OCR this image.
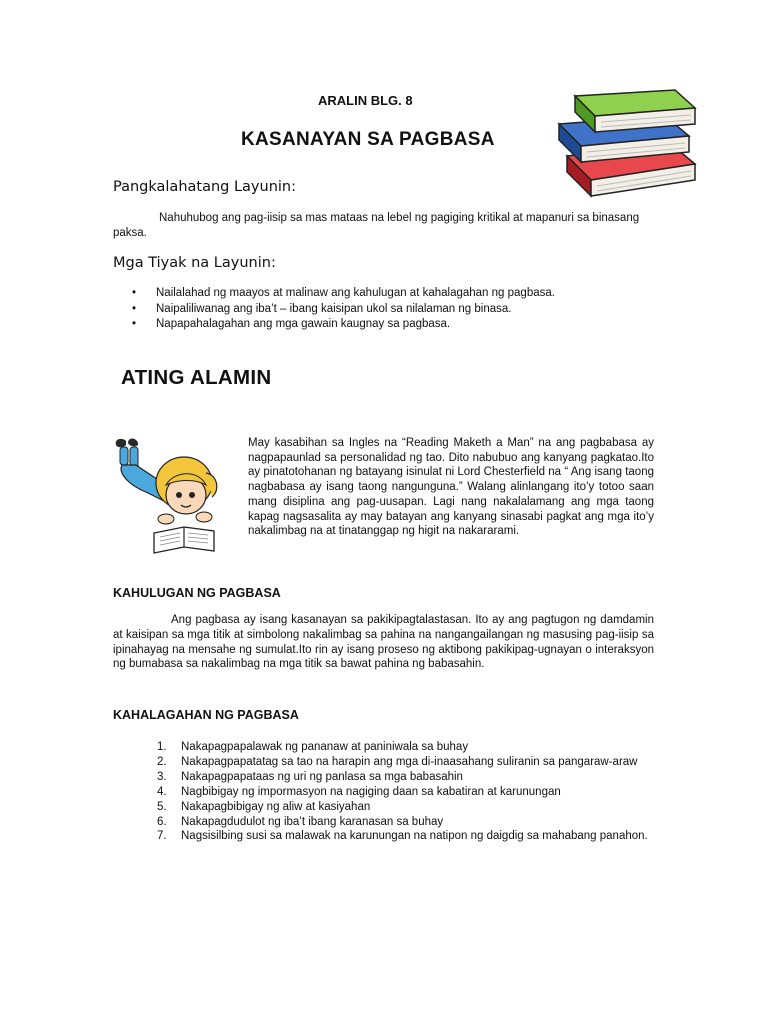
ARALIN BLG. 8
KASANAYAN SA PAGBASA
Pangkalahatang Layunin:
Nahuhubog ang pag-iisip sa mas mataas na lebel ng pagiging kritikal at mapanuri sa binasang paksa.
Mga Tiyak na Layunin:
• Nailalahad ng maayos at malinaw ang kahulugan at kahalagahan ng pagbasa.
• Naipaliliwanag ang iba’t – ibang kaisipan ukol sa nilalaman ng binasa.
• Napapahalagahan ang mga gawain kaugnay sa pagbasa.
ATING ALAMIN
May kasabihan sa Ingles na “Reading Maketh a Man” na ang pagbabasa ay nagpapaunlad sa personalidad ng tao. Dito nabubuo ang kanyang pagkatao.Ito ay pinatotohanan ng batayang isinulat ni Lord Chesterfield na “ Ang isang taong nagbabasa ay isang taong nangunguna.” Walang alinlangang ito’y totoo saan mang disiplina ang pag-uusapan. Lagi nang nakalalamang ang mga taong kapag nagsasalita ay may batayan ang kanyang sinasabi pagkat ang mga ito’y nakalimbag na at tinatanggap ng higit na nakararami.
KAHULUGAN NG PAGBASA
Ang pagbasa ay isang kasanayan sa pakikipagtalastasan. Ito ay ang pagtugon ng damdamin at kaisipan sa mga titik at simbolong nakalimbag sa pahina na nangangailangan ng masusing pag-iisip sa ipinahayag na mensahe ng sumulat.Ito rin ay isang proseso ng aktibong pakikipag-ugnayan o interaksyon ng bumabasa sa nakalimbag na mga titik sa bawat pahina ng babasahin.
KAHALAGAHAN NG PAGBASA
1. Nakapagpapalawak ng pananaw at paniniwala sa buhay
2. Nakapagpapatatag sa tao na harapin ang mga di-inaasahang suliranin sa pangaraw-araw
3. Nakapagpapataas ng uri ng panlasa sa mga babasahin
4. Nagbibigay ng impormasyon na nagiging daan sa kabatiran at karunungan
5. Nakapagbibigay ng aliw at kasiyahan
6. Nakapagdudulot ng iba’t ibang karanasan sa buhay
7. Nagsisilbing susi sa malawak na karunungan na natipon ng daigdig sa mahabang panahon.
